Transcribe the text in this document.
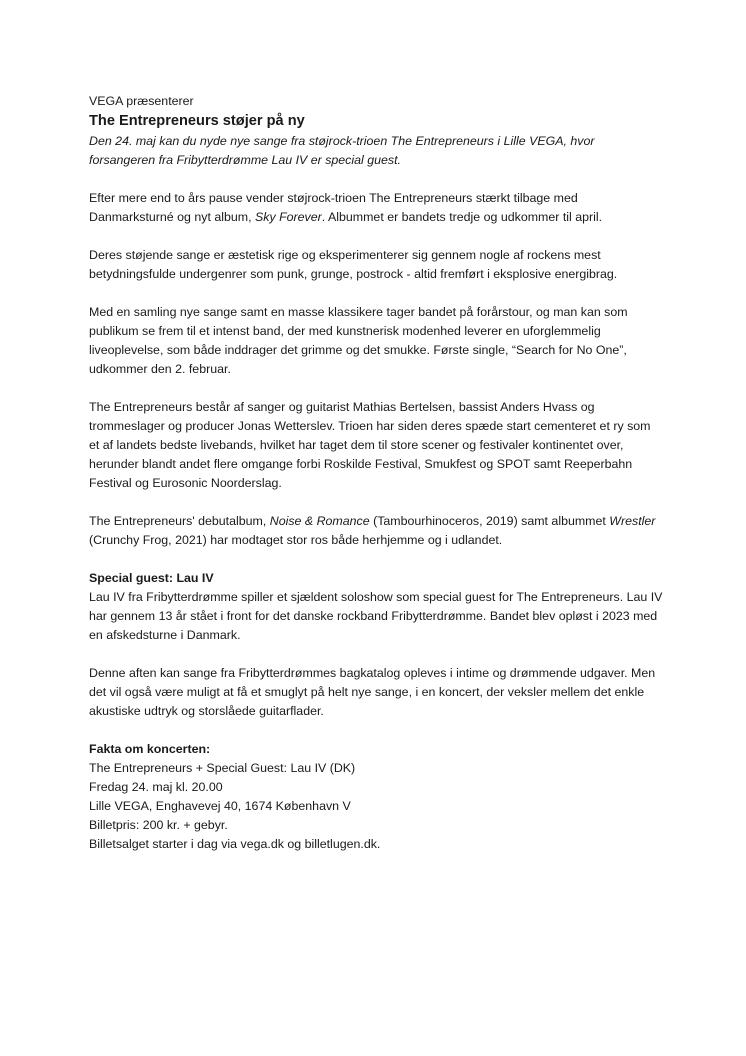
VEGA præsenterer

The Entrepreneurs støjer på ny

Den 24. maj kan du nyde nye sange fra støjrock-trioen The Entrepreneurs i Lille VEGA, hvor forsangeren fra Fribytterdrømme Lau IV er special guest.

Efter mere end to års pause vender støjrock-trioen The Entrepreneurs stærkt tilbage med Danmarksturné og nyt album, Sky Forever. Albummet er bandets tredje og udkommer til april.

Deres støjende sange er æstetisk rige og eksperimenterer sig gennem nogle af rockens mest betydningsfulde undergenrer som punk, grunge, postrock - altid fremført i eksplosive energibrag.

Med en samling nye sange samt en masse klassikere tager bandet på forårstour, og man kan som publikum se frem til et intenst band, der med kunstnerisk modenhed leverer en uforglemmelig liveoplevelse, som både inddrager det grimme og det smukke. Første single, “Search for No One”, udkommer den 2. februar.

The Entrepreneurs består af sanger og guitarist Mathias Bertelsen, bassist Anders Hvass og trommeslager og producer Jonas Wetterslev. Trioen har siden deres spæde start cementeret et ry som et af landets bedste livebands, hvilket har taget dem til store scener og festivaler kontinentet over, herunder blandt andet flere omgange forbi Roskilde Festival, Smukfest og SPOT samt Reeperbahn Festival og Eurosonic Noorderslag.

The Entrepreneurs' debutalbum, Noise & Romance (Tambourhinoceros, 2019) samt albummet Wrestler (Crunchy Frog, 2021) har modtaget stor ros både herhjemme og i udlandet.

Special guest: Lau IV

Lau IV fra Fribytterdrømme spiller et sjældent soloshow som special guest for The Entrepreneurs. Lau IV har gennem 13 år stået i front for det danske rockband Fribytterdrømme. Bandet blev opløst i 2023 med en afskedsturne i Danmark.

Denne aften kan sange fra Fribytterdrømmes bagkatalog opleves i intime og drømmende udgaver. Men det vil også være muligt at få et smuglyt på helt nye sange, i en koncert, der veksler mellem det enkle akustiske udtryk og storslåede guitarflader.

Fakta om koncerten:

The Entrepreneurs + Special Guest: Lau IV (DK)

Fredag 24. maj kl. 20.00

Lille VEGA, Enghavevej 40, 1674 København V

Billetpris: 200 kr. + gebyr.

Billetsalget starter i dag via vega.dk og billetlugen.dk.
